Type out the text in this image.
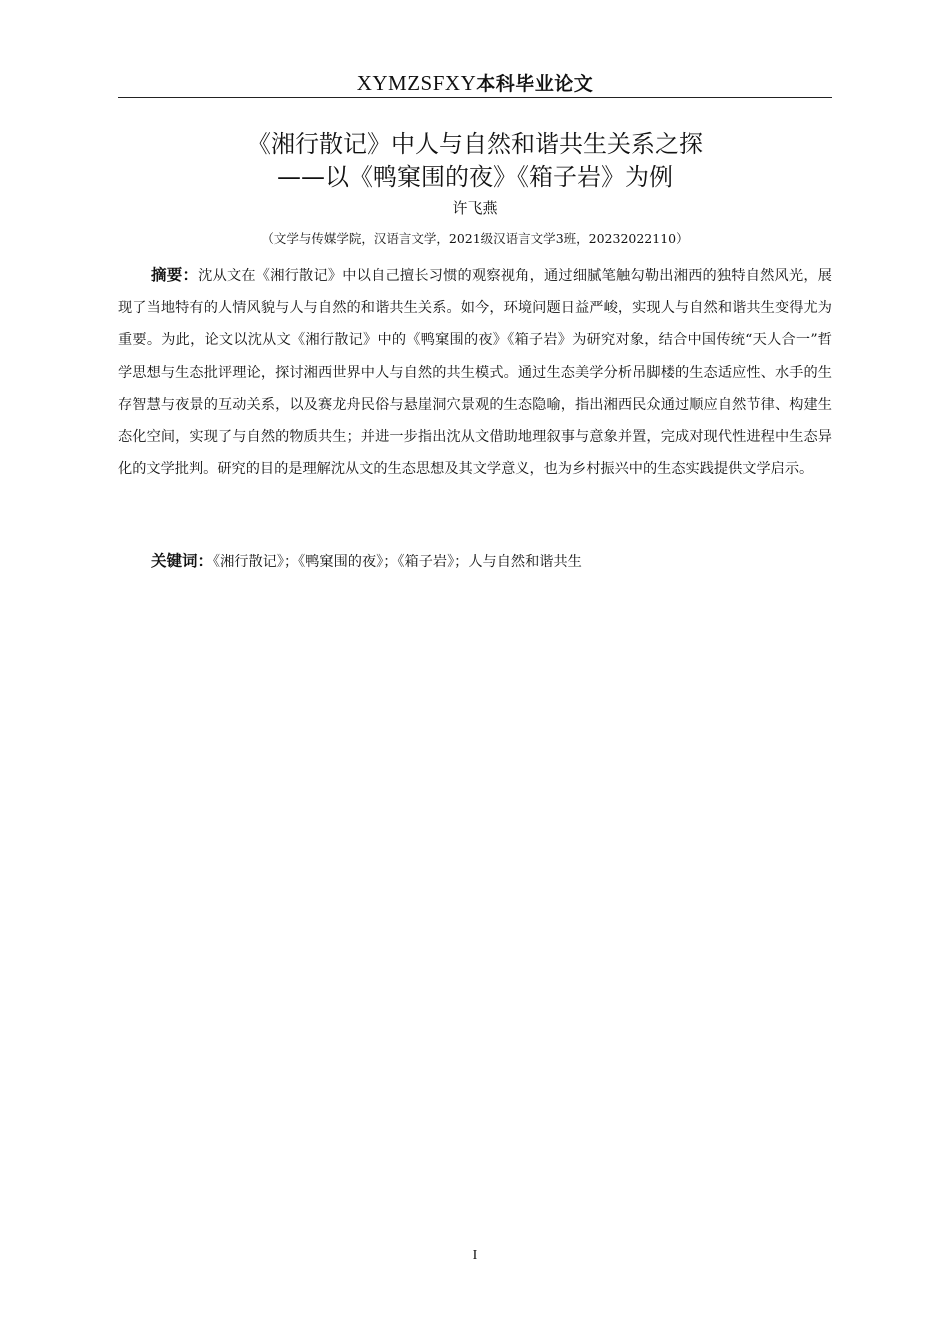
XYMZSFXY本科毕业论文
《湘行散记》中人与自然和谐共生关系之探
——以《鸭窠围的夜》《箱子岩》为例
许飞燕
（文学与传媒学院，汉语言文学，2021级汉语言文学3班，20232022110）

摘要：沈从文在《湘行散记》中以自己擅长习惯的观察视角，通过细腻笔触勾勒出湘西的独特自然风光，展现了当地特有的人情风貌与人与自然的和谐共生关系。如今，环境问题日益严峻，实现人与自然和谐共生变得尤为重要。为此，论文以沈从文《湘行散记》中的《鸭窠围的夜》《箱子岩》为研究对象，结合中国传统“天人合一”哲学思想与生态批评理论，探讨湘西世界中人与自然的共生模式。通过生态美学分析吊脚楼的生态适应性、水手的生存智慧与夜景的互动关系，以及赛龙舟民俗与悬崖洞穴景观的生态隐喻，指出湘西民众通过顺应自然节律、构建生态化空间，实现了与自然的物质共生；并进一步指出沈从文借助地理叙事与意象并置，完成对现代性进程中生态异化的文学批判。研究的目的是理解沈从文的生态思想及其文学意义，也为乡村振兴中的生态实践提供文学启示。

关键词：《湘行散记》；《鸭窠围的夜》；《箱子岩》；人与自然和谐共生

I
